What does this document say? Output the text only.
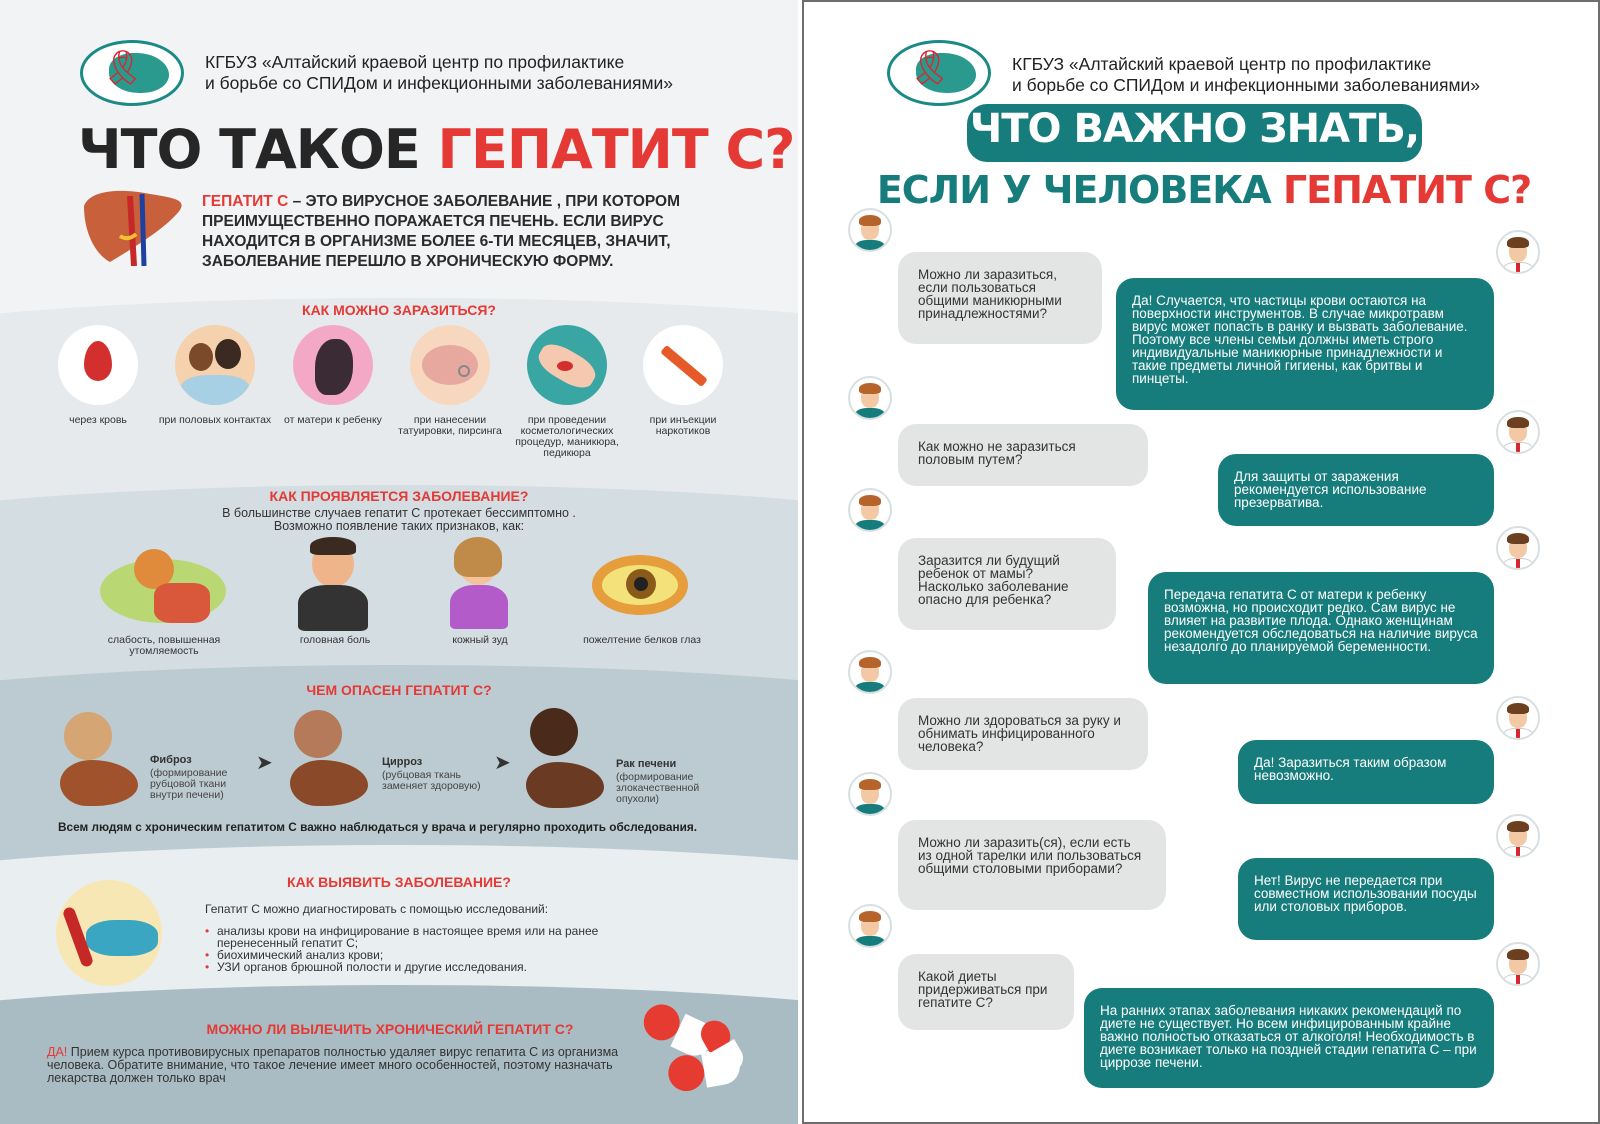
🎗	КГБУЗ «Алтайский краевой центр по профилактике
и борьбе со СПИДом и инфекционными заболеваниями»
ЧТО ТАКОЕ ГЕПАТИТ С?
ГЕПАТИТ С – ЭТО ВИРУСНОЕ ЗАБОЛЕВАНИЕ , ПРИ КОТОРОМ ПРЕИМУЩЕСТВЕННО ПОРАЖАЕТСЯ ПЕЧЕНЬ. ЕСЛИ ВИРУС НАХОДИТСЯ В ОРГАНИЗМЕ БОЛЕЕ 6-ТИ МЕСЯЦЕВ, ЗНАЧИТ, ЗАБОЛЕВАНИЕ ПЕРЕШЛО В ХРОНИЧЕСКУЮ ФОРМУ.
КАК МОЖНО ЗАРАЗИТЬСЯ?
через кровь	при половых контактах	от матери к ребенку	при нанесении татуировки, пирсинга
при проведении косметологических процедур, маникюра, педикюра
при инъекции наркотиков
КАК ПРОЯВЛЯЕТСЯ ЗАБОЛЕВАНИЕ?
В большинстве случаев гепатит С протекает бессимптомно .
Возможно появление таких признаков, как:
слабость, повышенная утомляемость
головная боль	кожный зуд	пожелтение белков глаз
ЧЕМ ОПАСЕН ГЕПАТИТ С?
Фиброз
(формирование рубцовой ткани внутри печени)
➤	Цирроз
(рубцовая ткань заменяет здоровую)
➤	Рак печени
(формирование злокачественной опухоли)
Всем людям с хроническим гепатитом С важно наблюдаться у врача и регулярно проходить обследования.
КАК ВЫЯВИТЬ ЗАБОЛЕВАНИЕ?
Гепатит С можно диагностировать с помощью исследований:
• анализы крови на инфицирование в настоящее время или на ранее перенесенный гепатит С;
• биохимический анализ крови;
• УЗИ органов брюшной полости и другие исследования.
МОЖНО ЛИ ВЫЛЕЧИТЬ ХРОНИЧЕСКИЙ ГЕПАТИТ С?
ДА! Прием курса противовирусных препаратов полностью удаляет вирус гепатита С из организма человека. Обратите внимание, что такое лечение имеет много особенностей, поэтому назначать лекарства должен только врач
🎗	КГБУЗ «Алтайский краевой центр по профилактике
и борьбе со СПИДом и инфекционными заболеваниями»
ЧТО ВАЖНО ЗНАТЬ,
ЕСЛИ У ЧЕЛОВЕКА ГЕПАТИТ С?
Можно ли заразиться, если пользоваться общими маникюрными принадлежностями?
Да! Случается, что частицы крови остаются на поверхности инструментов. В случае микротравм вирус может попасть в ранку и вызвать заболевание. Поэтому все члены семьи должны иметь строго индивидуальные маникюрные принадлежности и такие предметы личной гигиены, как бритвы и пинцеты.
Как можно не заразиться половым путем?
Для защиты от заражения рекомендуется использование презерватива.
Заразится ли будущий ребенок от мамы? Насколько заболевание опасно для ребенка?	Передача гепатита С от матери к ребенку возможна, но происходит редко. Сам вирус не влияет на развитие плода. Однако женщинам рекомендуется обследоваться на наличие вируса незадолго до планируемой беременности.
Можно ли здороваться за руку и обнимать инфицированного человека?
Да! Заразиться таким образом невозможно.
Можно ли заразить(ся), если есть из одной тарелки или пользоваться общими столовыми приборами?
Нет! Вирус не передается при совместном использовании посуды или столовых приборов.
Какой диеты придерживаться при гепатите С?
На ранних этапах заболевания никаких рекомендаций по диете не существует. Но всем инфицированным крайне важно полностью отказаться от алкоголя! Необходимость в диете возникает только на поздней стадии гепатита С – при циррозе печени.
